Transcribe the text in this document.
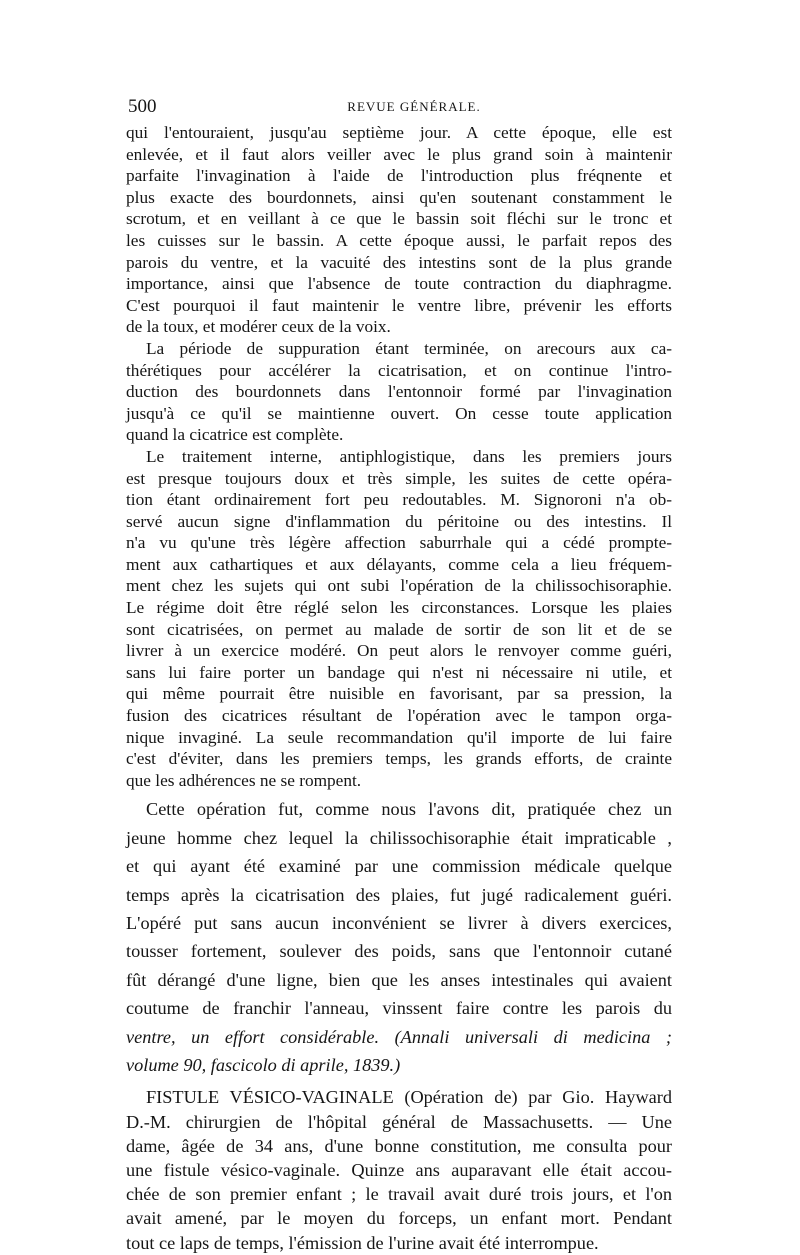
500	REVUE GÉNÉRALE.

qui l'entouraient, jusqu'au septième jour. A cette époque, elle est
enlevée, et il faut alors veiller avec le plus grand soin à maintenir
parfaite l'invagination à l'aide de l'introduction plus fréqnente et
plus exacte des bourdonnets, ainsi qu'en soutenant constamment le
scrotum, et en veillant à ce que le bassin soit fléchi sur le tronc et
les cuisses sur le bassin. A cette époque aussi, le parfait repos des
parois du ventre, et la vacuité des intestins sont de la plus grande
importance, ainsi que l'absence de toute contraction du diaphragme.
C'est pourquoi il faut maintenir le ventre libre, prévenir les efforts
de la toux, et modérer ceux de la voix.

La période de suppuration étant terminée, on arecours aux ca-
thérétiques pour accélérer la cicatrisation, et on continue l'intro-
duction des bourdonnets dans l'entonnoir formé par l'invagination
jusqu'à ce qu'il se maintienne ouvert. On cesse toute application
quand la cicatrice est complète.

Le traitement interne, antiphlogistique, dans les premiers jours
est presque toujours doux et très simple, les suites de cette opéra-
tion étant ordinairement fort peu redoutables. M. Signoroni n'a ob-
servé aucun signe d'inflammation du péritoine ou des intestins. Il
n'a vu qu'une très légère affection saburrhale qui a cédé prompte-
ment aux cathartiques et aux délayants, comme cela a lieu fréquem-
ment chez les sujets qui ont subi l'opération de la chilissochisoraphie.
Le régime doit être réglé selon les circonstances. Lorsque les plaies
sont cicatrisées, on permet au malade de sortir de son lit et de se
livrer à un exercice modéré. On peut alors le renvoyer comme guéri,
sans lui faire porter un bandage qui n'est ni nécessaire ni utile, et
qui même pourrait être nuisible en favorisant, par sa pression, la
fusion des cicatrices résultant de l'opération avec le tampon orga-
nique invaginé. La seule recommandation qu'il importe de lui faire
c'est d'éviter, dans les premiers temps, les grands efforts, de crainte
que les adhérences ne se rompent.

Cette opération fut, comme nous l'avons dit, pratiquée chez un
jeune homme chez lequel la chilissochisoraphie était impraticable ,
et qui ayant été examiné par une commission médicale quelque
temps après la cicatrisation des plaies, fut jugé radicalement guéri.
L'opéré put sans aucun inconvénient se livrer à divers exercices,
tousser fortement, soulever des poids, sans que l'entonnoir cutané
fût dérangé d'une ligne, bien que les anses intestinales qui avaient
coutume de franchir l'anneau, vinssent faire contre les parois du
ventre, un effort considérable. (Annali universali di medicina ;
volume 90, fascicolo di aprile, 1839.)

FISTULE VÉSICO-VAGINALE (Opération de) par Gio. Hayward
D.-M. chirurgien de l'hôpital général de Massachusetts. — Une
dame, âgée de 34 ans, d'une bonne constitution, me consulta pour
une fistule vésico-vaginale. Quinze ans auparavant elle était accou-
chée de son premier enfant ; le travail avait duré trois jours, et l'on
avait amené, par le moyen du forceps, un enfant mort. Pendant
tout ce laps de temps, l'émission de l'urine avait été interrompue.
